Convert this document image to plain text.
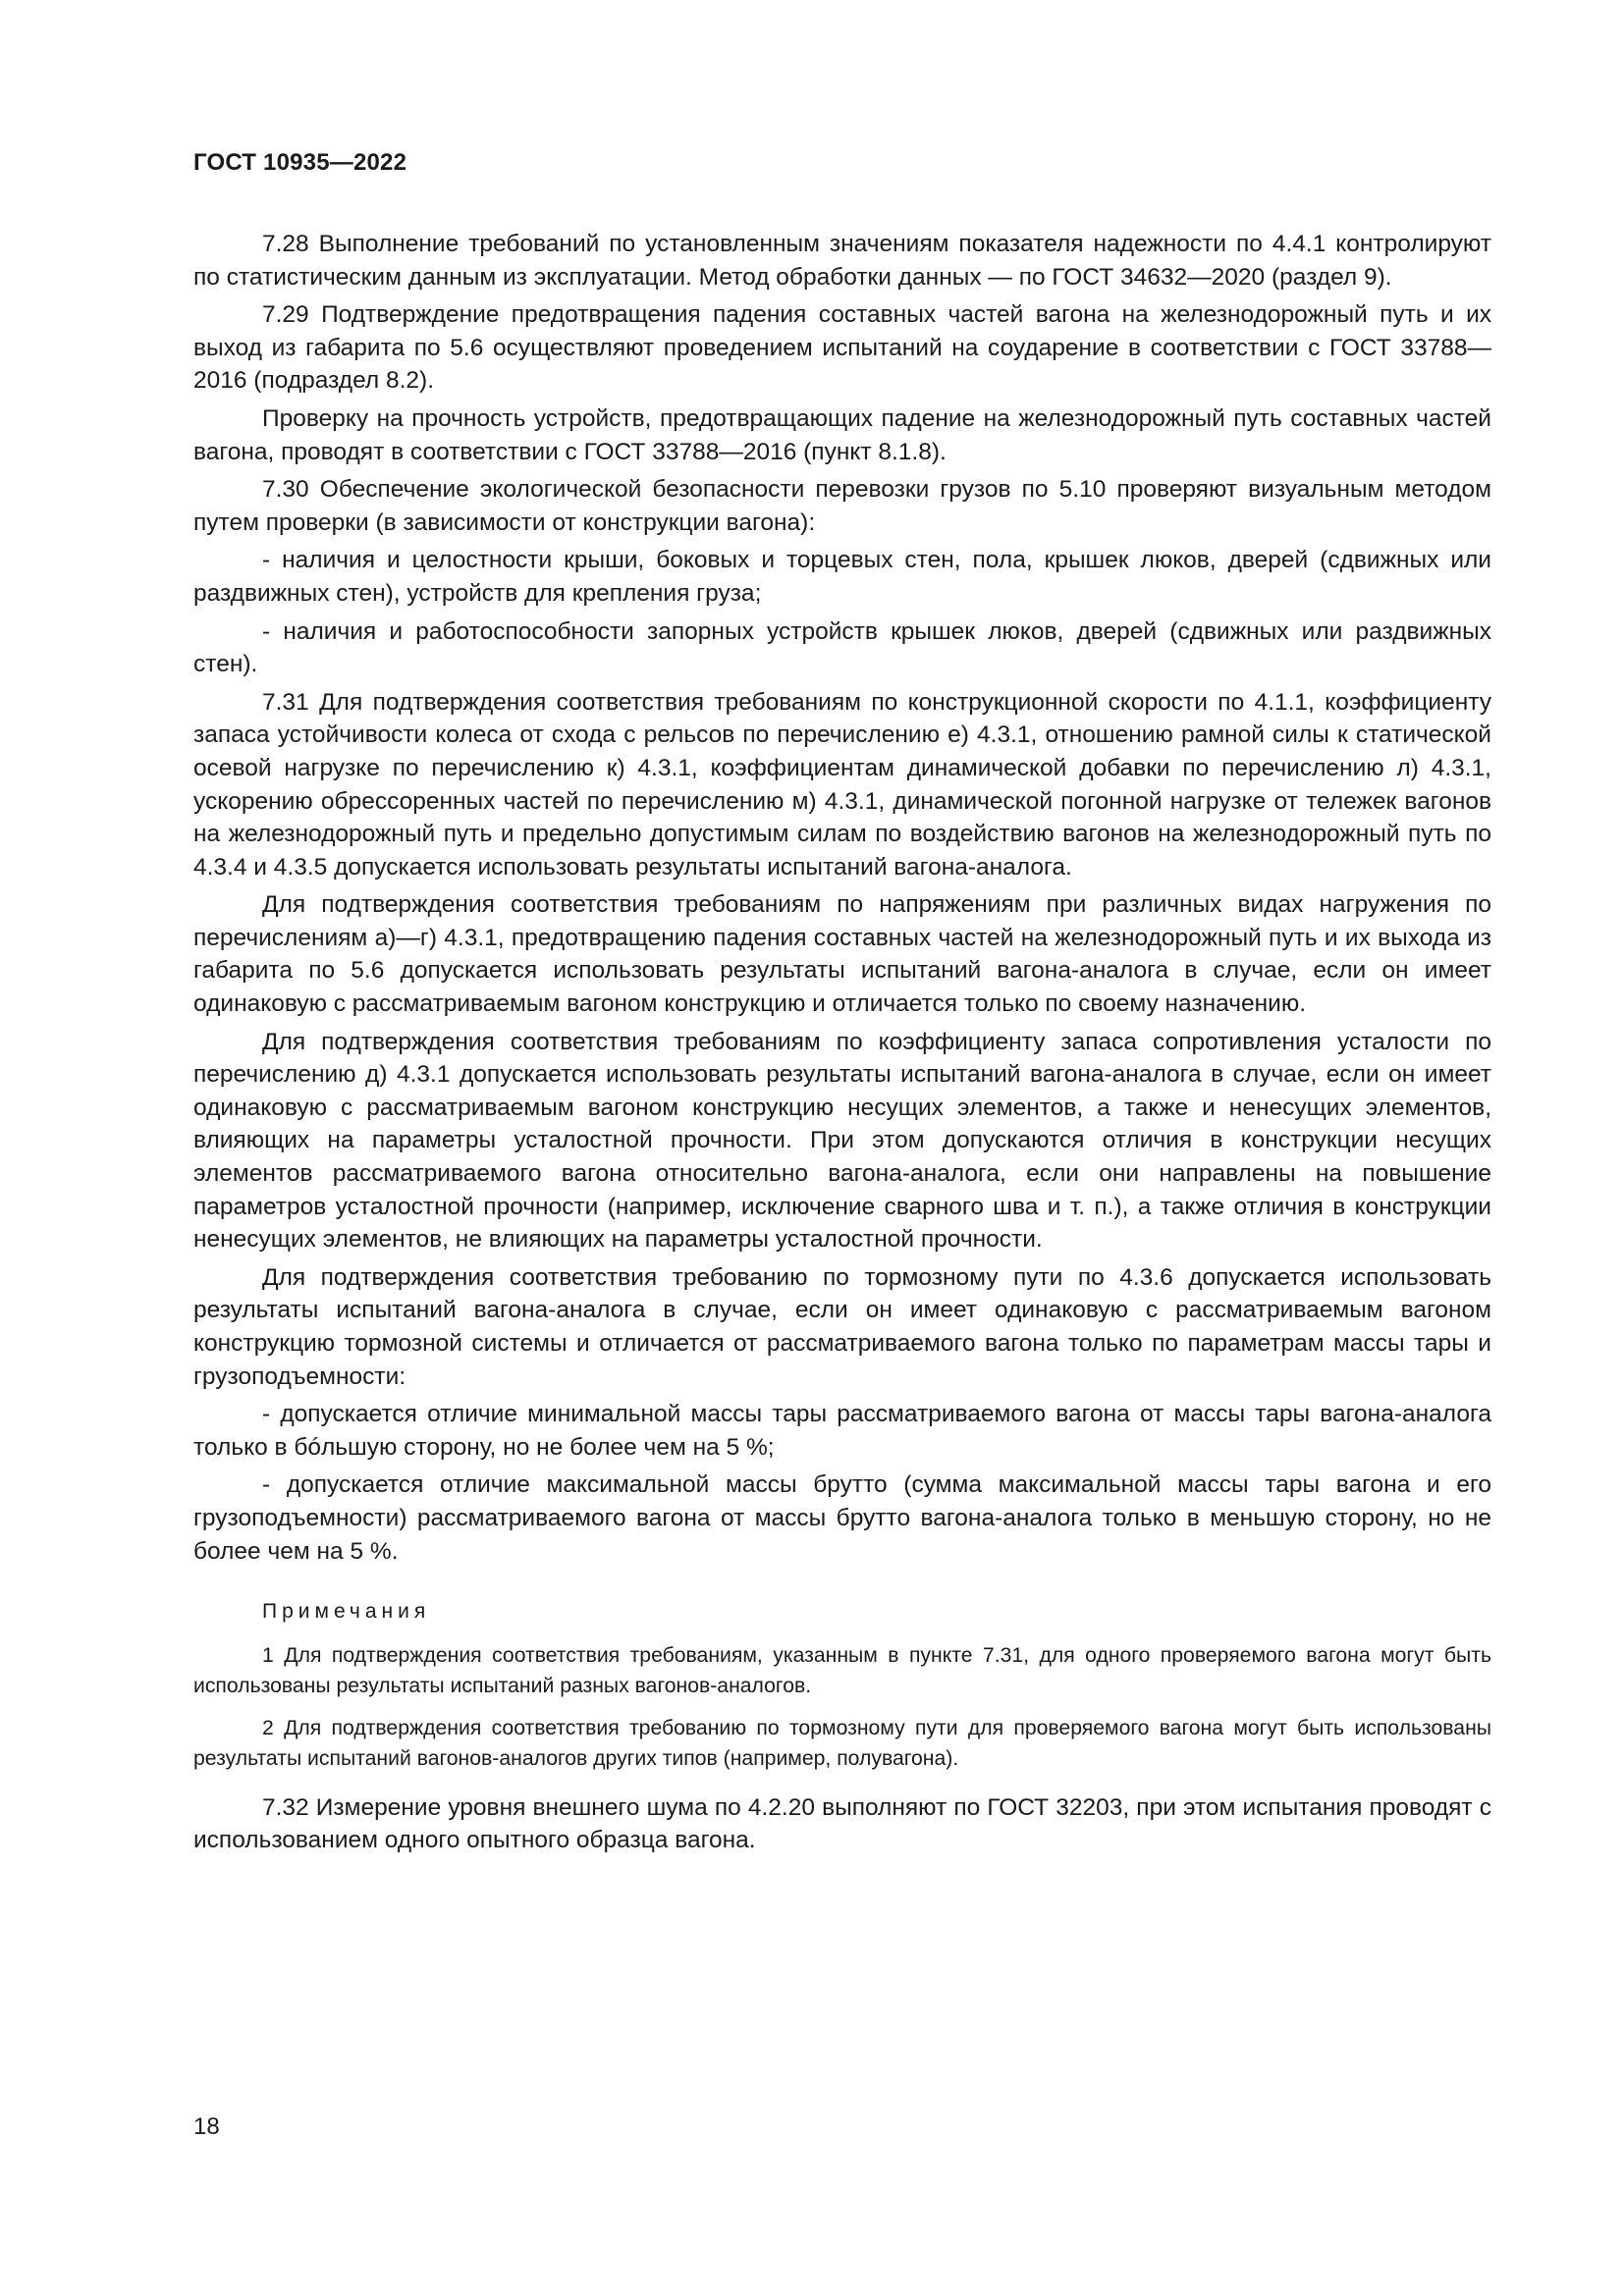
ГОСТ 10935—2022

7.28 Выполнение требований по установленным значениям показателя надежности по 4.4.1 контролируют по статистическим данным из эксплуатации. Метод обработки данных — по ГОСТ 34632—2020 (раздел 9).

7.29 Подтверждение предотвращения падения составных частей вагона на железнодорожный путь и их выход из габарита по 5.6 осуществляют проведением испытаний на соударение в соответствии с ГОСТ 33788—2016 (подраздел 8.2).

Проверку на прочность устройств, предотвращающих падение на железнодорожный путь составных частей вагона, проводят в соответствии с ГОСТ 33788—2016 (пункт 8.1.8).

7.30 Обеспечение экологической безопасности перевозки грузов по 5.10 проверяют визуальным методом путем проверки (в зависимости от конструкции вагона):

- наличия и целостности крыши, боковых и торцевых стен, пола, крышек люков, дверей (сдвижных или раздвижных стен), устройств для крепления груза;

- наличия и работоспособности запорных устройств крышек люков, дверей (сдвижных или раздвижных стен).

7.31 Для подтверждения соответствия требованиям по конструкционной скорости по 4.1.1, коэффициенту запаса устойчивости колеса от схода с рельсов по перечислению е) 4.3.1, отношению рамной силы к статической осевой нагрузке по перечислению к) 4.3.1, коэффициентам динамической добавки по перечислению л) 4.3.1, ускорению обрессоренных частей по перечислению м) 4.3.1, динамической погонной нагрузке от тележек вагонов на железнодорожный путь и предельно допустимым силам по воздействию вагонов на железнодорожный путь по 4.3.4 и 4.3.5 допускается использовать результаты испытаний вагона-аналога.

Для подтверждения соответствия требованиям по напряжениям при различных видах нагружения по перечислениям а)—г) 4.3.1, предотвращению падения составных частей на железнодорожный путь и их выхода из габарита по 5.6 допускается использовать результаты испытаний вагона-аналога в случае, если он имеет одинаковую с рассматриваемым вагоном конструкцию и отличается только по своему назначению.

Для подтверждения соответствия требованиям по коэффициенту запаса сопротивления усталости по перечислению д) 4.3.1 допускается использовать результаты испытаний вагона-аналога в случае, если он имеет одинаковую с рассматриваемым вагоном конструкцию несущих элементов, а также и ненесущих элементов, влияющих на параметры усталостной прочности. При этом допускаются отличия в конструкции несущих элементов рассматриваемого вагона относительно вагона-аналога, если они направлены на повышение параметров усталостной прочности (например, исключение сварного шва и т. п.), а также отличия в конструкции ненесущих элементов, не влияющих на параметры усталостной прочности.

Для подтверждения соответствия требованию по тормозному пути по 4.3.6 допускается использовать результаты испытаний вагона-аналога в случае, если он имеет одинаковую с рассматриваемым вагоном конструкцию тормозной системы и отличается от рассматриваемого вагона только по параметрам массы тары и грузоподъемности:

- допускается отличие минимальной массы тары рассматриваемого вагона от массы тары вагона-аналога только в бóльшую сторону, но не более чем на 5 %;

- допускается отличие максимальной массы брутто (сумма максимальной массы тары вагона и его грузоподъемности) рассматриваемого вагона от массы брутто вагона-аналога только в меньшую сторону, но не более чем на 5 %.

Примечания

1 Для подтверждения соответствия требованиям, указанным в пункте 7.31, для одного проверяемого вагона могут быть использованы результаты испытаний разных вагонов-аналогов.

2 Для подтверждения соответствия требованию по тормозному пути для проверяемого вагона могут быть использованы результаты испытаний вагонов-аналогов других типов (например, полувагона).

7.32 Измерение уровня внешнего шума по 4.2.20 выполняют по ГОСТ 32203, при этом испытания проводят с использованием одного опытного образца вагона.

18
